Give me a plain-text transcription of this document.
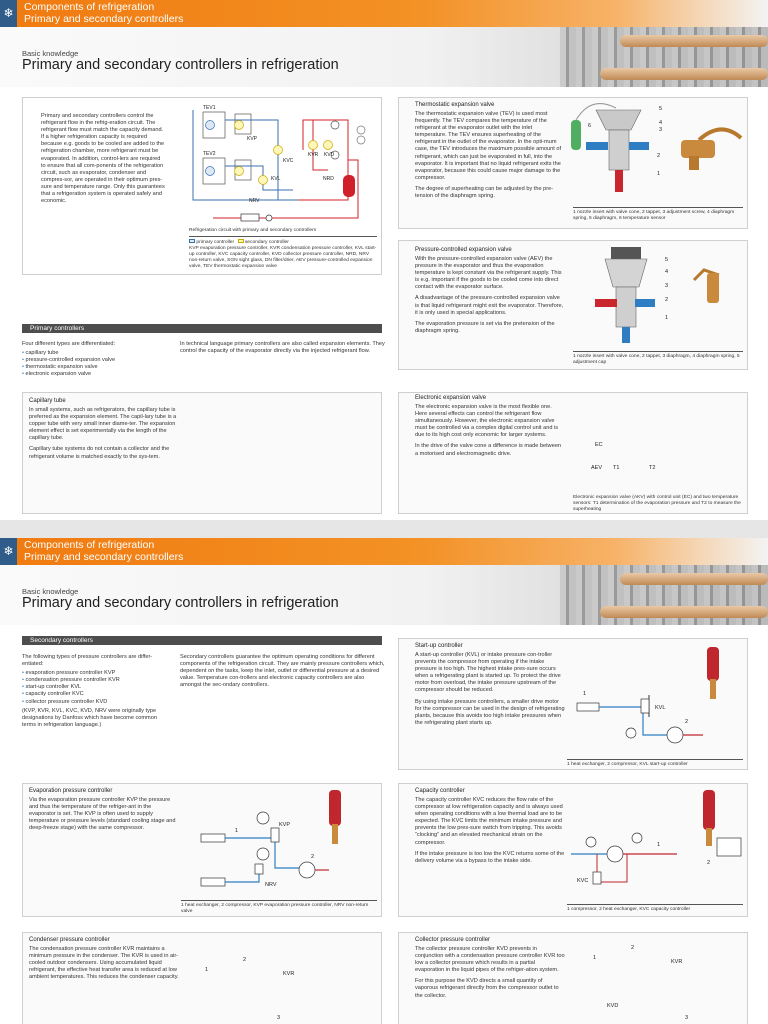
❄ Components of refrigeration
Primary and secondary controllers
Basic knowledge
Primary and secondary controllers in refrigeration
Primary and secondary controllers control the refrigerant flow in the refrig-eration circuit. The refrigerant flow must match the capacity demand. If a higher refrigeration capacity is required because e.g. goods to be cooled are added to the refrigeration chamber, more refrigerant must be evaporated. In addition, control-lers are required to ensure that all com-ponents of the refrigeration circuit, such as evaporator, condenser and compres-sor, are operated in their optimum pres-sure and temperature range. Only this guarantees that a refrigeration system is operated safely and economic.
TEV1
TEV2
KVP
KVC
KVR KVD
NRD
NRV
KVL
Refrigeration circuit with primary and secondary controllers
primary controller secondary controller
KVP evaporation pressure controller, KVR condensation pressure controller, KVL start-up controller, KVC capacity controller, KVD collector pressure controller, NRD, NRV non-return valve, SGN sight glass, DN filter/drier, AEV pressure-controlled expansion valve, TEV thermostatic expansion valve
Thermostatic expansion valve

The thermostatic expansion valve (TEV) is used most frequently. The TEV compares the temperature of the refrigerant at the evaporator outlet with the inlet temperature. The TEV ensures superheating of the refrigerant in the outlet of the evaporator. In the opti-mum case, the TEV introduces the maximum possible amount of refrigerant, which can just be evaporated in full, into the evaporator. It is important that no liquid refrigerant exits the evaporator, because this could cause major damage to the compressor.

The degree of superheating can be adjusted by the pre-tension of the diaphragm spring.

5
4
3
6
2
1
1 nozzle insert with valve cone, 2 tappet, 3 adjustment screw, 4 diaphragm spring, 5 diaphragm, 6 temperature sensor
Pressure-controlled expansion valve

With the pressure-controlled expansion valve (AEV) the pressure in the evaporator and thus the evaporation temperature is kept constant via the refrigerant supply. This is e.g. important if the goods to be cooled come into direct contact with the evaporator surface.

A disadvantage of the pressure-controlled expansion valve is that liquid refrigerant might exit the evaporator. Therefore, it is only used in special applications.

The evaporation pressure is set via the pretension of the diaphragm spring.

5
4
3
2
1
1 nozzle insert with valve cone, 2 tappet, 3 diaphragm, 4 diaphragm spring, 5 adjustment cap
Primary controllers
Four different types are differentiated:
• capillary tube
• pressure-controlled expansion valve
• thermostatic expansion valve
• electronic expansion valve
In technical language primary controllers are also called expansion elements. They control the capacity of the evaporator directly via the injected refrigerant flow.
Capillary tube

In small systems, such as refrigerators, the capillary tube is preferred as the expansion element. The capil-lary tube is a copper tube with very small inner diame-ter. The expansion element effect is set experimentally via the length of the capillary tube.

Capillary tube systems do not contain a collector and the refrigerant volume is matched exactly to the sys-tem.

Electronic expansion valve

The electronic expansion valve is the most flexible one. Here several effects can control the refrigerant flow simultaneously. However, the electronic expansion valve must be controlled via a complex digital control unit and is due to its high cost only economic for larger systems.

In the drive of the valve cone a difference is made between a motorised and electromagnetic drive.

EC
AEV T1	T2
Electronic expansion valve (AKV) with control unit (EC) and two temperature sensors: T1 determination of the evaporation pressure and T2 to measure the superheating
❄ Components of refrigeration
Primary and secondary controllers
Basic knowledge
Primary and secondary controllers in refrigeration
Secondary controllers
The following types of pressure controllers are differ-entiated:
• evaporation pressure controller KVP
• condensation pressure controller KVR
• start-up controller KVL
• capacity controller KVC
• collector pressure controller KVD
(KVP, KVR, KVL, KVC, KVD, NRV were originally type designations by Danfoss which have become common terms in refrigeration language.)
Secondary controllers guarantee the optimum operating conditions for different components of the refrigeration circuit. They are mainly pressure controllers which, dependent on the tasks, keep the inlet, outlet or differential pressure at a desired value. Temperature con-trollers and electronic capacity controllers are also amongst the sec-ondary controllers.
Start-up controller

A start-up controller (KVL) or intake pressure con-troller prevents the compressor from operating if the intake pressure is too high. The highest intake pres-sure occurs when a refrigerating plant is started up. To protect the drive motor from overload, the intake pressure upstream of the compressor should be reduced.

By using intake pressure controllers, a smaller drive motor for the compressor can be used in the design of refrigerating plants, because this avoids too high intake pressures when the refrigerating plant starts up.

1
2
KVL
1 heat exchanger, 2 compressor, KVL start-up controller
Evaporation pressure controller

Via the evaporation pressure controller KVP the pressure and thus the temperature of the refriger-ant in the evaporator is set. The KVP is often used to supply temperature or pressure levels (standard cooling stage and deep-freeze stage) with the same compressor.	1
2
KVP
NRV
1 heat exchanger, 2 compressor, KVP evaporation pressure controller, NRV non-return valve
Capacity controller

The capacity controller KVC reduces the flow rate of the compressor at low refrigeration capacity and is always used when operating conditions with a low thermal load are to be expected. The KVC limits the minimum intake pressure and prevents the low pres-sure switch from tripping. This avoids “clocking” and an elevated mechanical strain on the compressor.

If the intake pressure is too low the KVC returns some of the delivery volume via a bypass to the intake side.

1
2
KVC
1 compressor, 2 heat exchanger, KVC capacity controller
Condenser pressure controller

The condensation pressure controller KVR maintains a minimum pressure in the condenser. The KVR is used in air-cooled outdoor condensers. Using accumulated liquid refrigerant, the effective heat transfer area is reduced at low ambient temperatures. This reduces the condenser capacity.

1
2
3
KVR
Collector pressure controller

The collector pressure controller KVD prevents in conjunction with a condensation pressure controller KVR too low a collector pressure which results in a partial evaporation in the liquid pipes of the refriger-ation system.

For this purpose the KVD directs a small quantity of vaporous refrigerant directly from the compressor outlet to the collector.

1
2
3
KVR
KVD
